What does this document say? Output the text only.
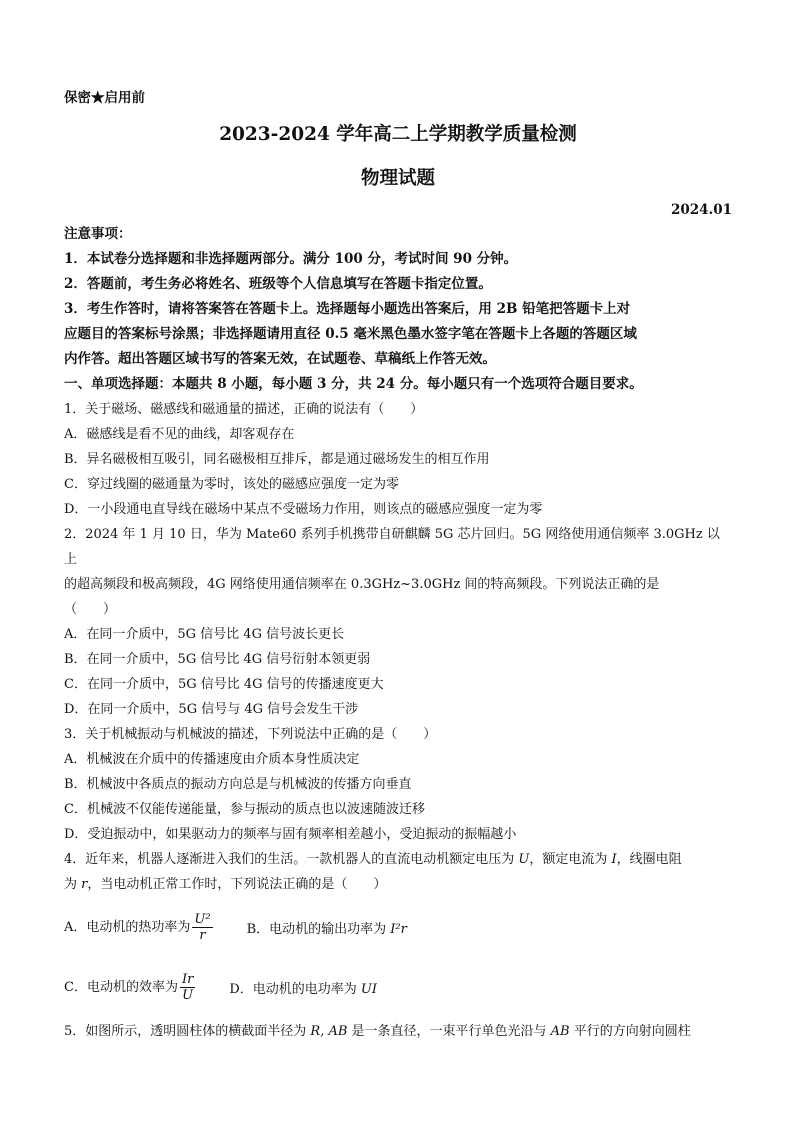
保密★启用前
2023-2024 学年高二上学期教学质量检测
物理试题
2024.01
注意事项：
1．本试卷分选择题和非选择题两部分。满分 100 分，考试时间 90 分钟。
2．答题前，考生务必将姓名、班级等个人信息填写在答题卡指定位置。
3．考生作答时，请将答案答在答题卡上。选择题每小题选出答案后，用 2B 铅笔把答题卡上对
应题目的答案标号涂黑；非选择题请用直径 0.5 毫米黑色墨水签字笔在答题卡上各题的答题区域
内作答。超出答题区域书写的答案无效，在试题卷、草稿纸上作答无效。
一、单项选择题：本题共 8 小题，每小题 3 分，共 24 分。每小题只有一个选项符合题目要求。
1．关于磁场、磁感线和磁通量的描述，正确的说法有（　　）
A．磁感线是看不见的曲线，却客观存在
B．异名磁极相互吸引，同名磁极相互排斥，都是通过磁场发生的相互作用
C．穿过线圈的磁通量为零时，该处的磁感应强度一定为零
D．一小段通电直导线在磁场中某点不受磁场力作用，则该点的磁感应强度一定为零
2．2024 年 1 月 10 日，华为 Mate60 系列手机携带自研麒麟 5G 芯片回归。5G 网络使用通信频率 3.0GHz 以上
的超高频段和极高频段，4G 网络使用通信频率在 0.3GHz~3.0GHz 间的特高频段。下列说法正确的是
（　　）
A．在同一介质中，5G 信号比 4G 信号波长更长
B．在同一介质中，5G 信号比 4G 信号衍射本领更弱
C．在同一介质中，5G 信号比 4G 信号的传播速度更大
D．在同一介质中，5G 信号与 4G 信号会发生干涉
3．关于机械振动与机械波的描述，下列说法中正确的是（　　）
A．机械波在介质中的传播速度由介质本身性质决定
B．机械波中各质点的振动方向总是与机械波的传播方向垂直
C．机械波不仅能传递能量，参与振动的质点也以波速随波迁移
D．受迫振动中，如果驱动力的频率与固有频率相差越小，受迫振动的振幅越小
4．近年来，机器人逐渐进入我们的生活。一款机器人的直流电动机额定电压为 U，额定电流为 I，线圈电阻
为 r，当电动机正常工作时，下列说法正确的是（　　）
A．电动机的热功率为 $\frac{\text{U²}}{r}$	B．电动机的输出功率为 I²r
C．电动机的效率为 $\frac{Ir}{U}$	D．电动机的电功率为 UI
5．如图所示，透明圆柱体的横截面半径为 R, AB 是一条直径，一束平行单色光沿与 AB 平行的方向射向圆柱
